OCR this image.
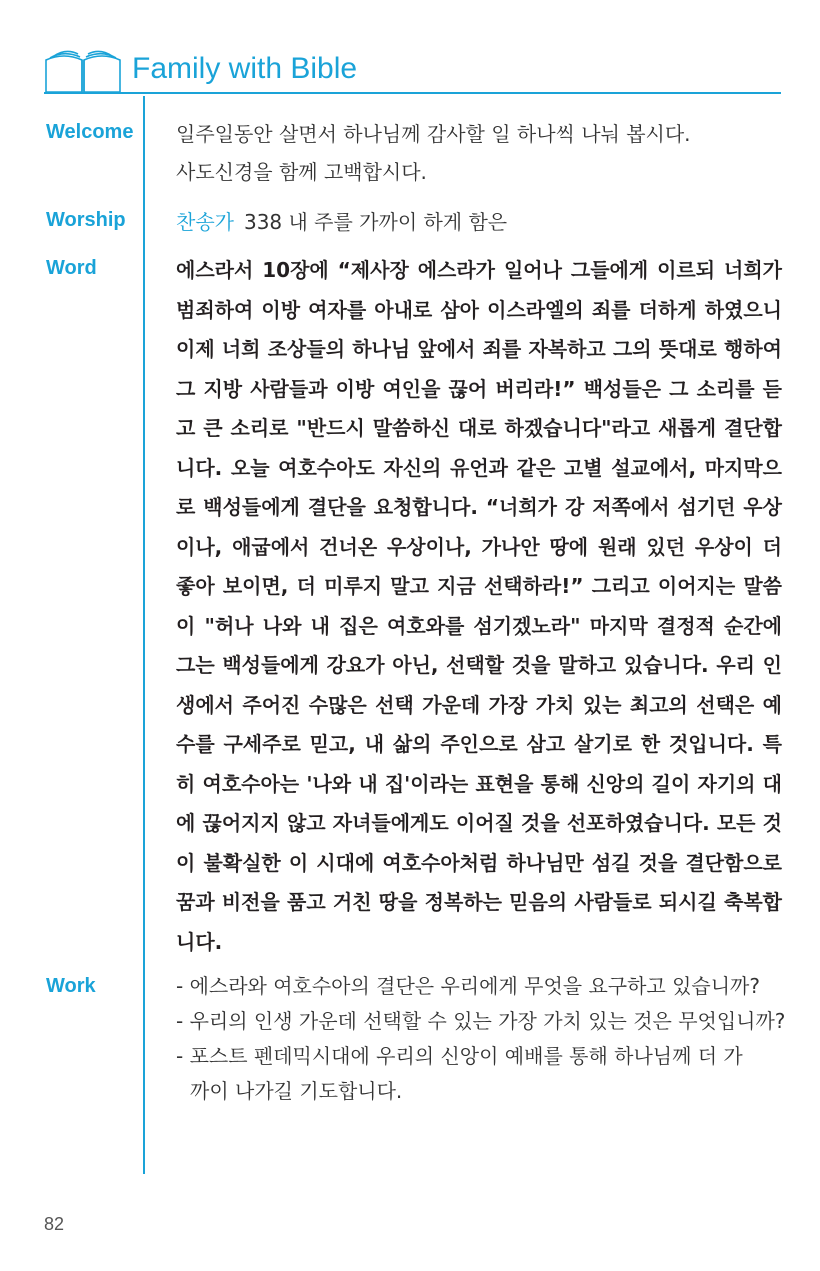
Family with Bible
Welcome 일주일동안 살면서 하나님께 감사할 일 하나씩 나눠 봅시다.
사도신경을 함께 고백합시다.
Worship	찬송가 338 내 주를 가까이 하게 함은
Word	에스라서 10장에 “제사장 에스라가 일어나 그들에게 이르되 너희가 범죄하여 이방 여자를 아내로 삼아 이스라엘의 죄를 더하게 하였으니 이제 너희 조상들의 하나님 앞에서 죄를 자복하고 그의 뜻대로 행하여 그 지방 사람들과 이방 여인을 끊어 버리라!” 백성들은 그 소리를 듣고 큰 소리로 "반드시 말씀하신 대로 하겠습니다"라고 새롭게 결단합니다. 오늘 여호수아도 자신의 유언과 같은 고별 설교에서, 마지막으로 백성들에게 결단을 요청합니다. “너희가 강 저쪽에서 섬기던 우상이나, 애굽에서 건너온 우상이나, 가나안 땅에 원래 있던 우상이 더 좋아 보이면, 더 미루지 말고 지금 선택하라!” 그리고 이어지는 말씀이 "허나 나와 내 집은 여호와를 섬기겠노라" 마지막 결정적 순간에 그는 백성들에게 강요가 아닌, 선택할 것을 말하고 있습니다. 우리 인생에서 주어진 수많은 선택 가운데 가장 가치 있는 최고의 선택은 예수를 구세주로 믿고, 내 삶의 주인으로 삼고 살기로 한 것입니다. 특히 여호수아는 '나와 내 집'이라는 표현을 통해 신앙의 길이 자기의 대에 끊어지지 않고 자녀들에게도 이어질 것을 선포하였습니다. 모든 것이 불확실한 이 시대에 여호수아처럼 하나님만 섬길 것을 결단함으로 꿈과 비전을 품고 거친 땅을 정복하는 믿음의 사람들로 되시길 축복합니다.
Work	- 에스라와 여호수아의 결단은 우리에게 무엇을 요구하고 있습니까?
- 우리의 인생 가운데 선택할 수 있는 가장 가치 있는 것은 무엇입니까?
- 포스트 펜데믹시대에 우리의 신앙이 예배를 통해 하나님께 더 가
까이 나가길 기도합니다.
82
